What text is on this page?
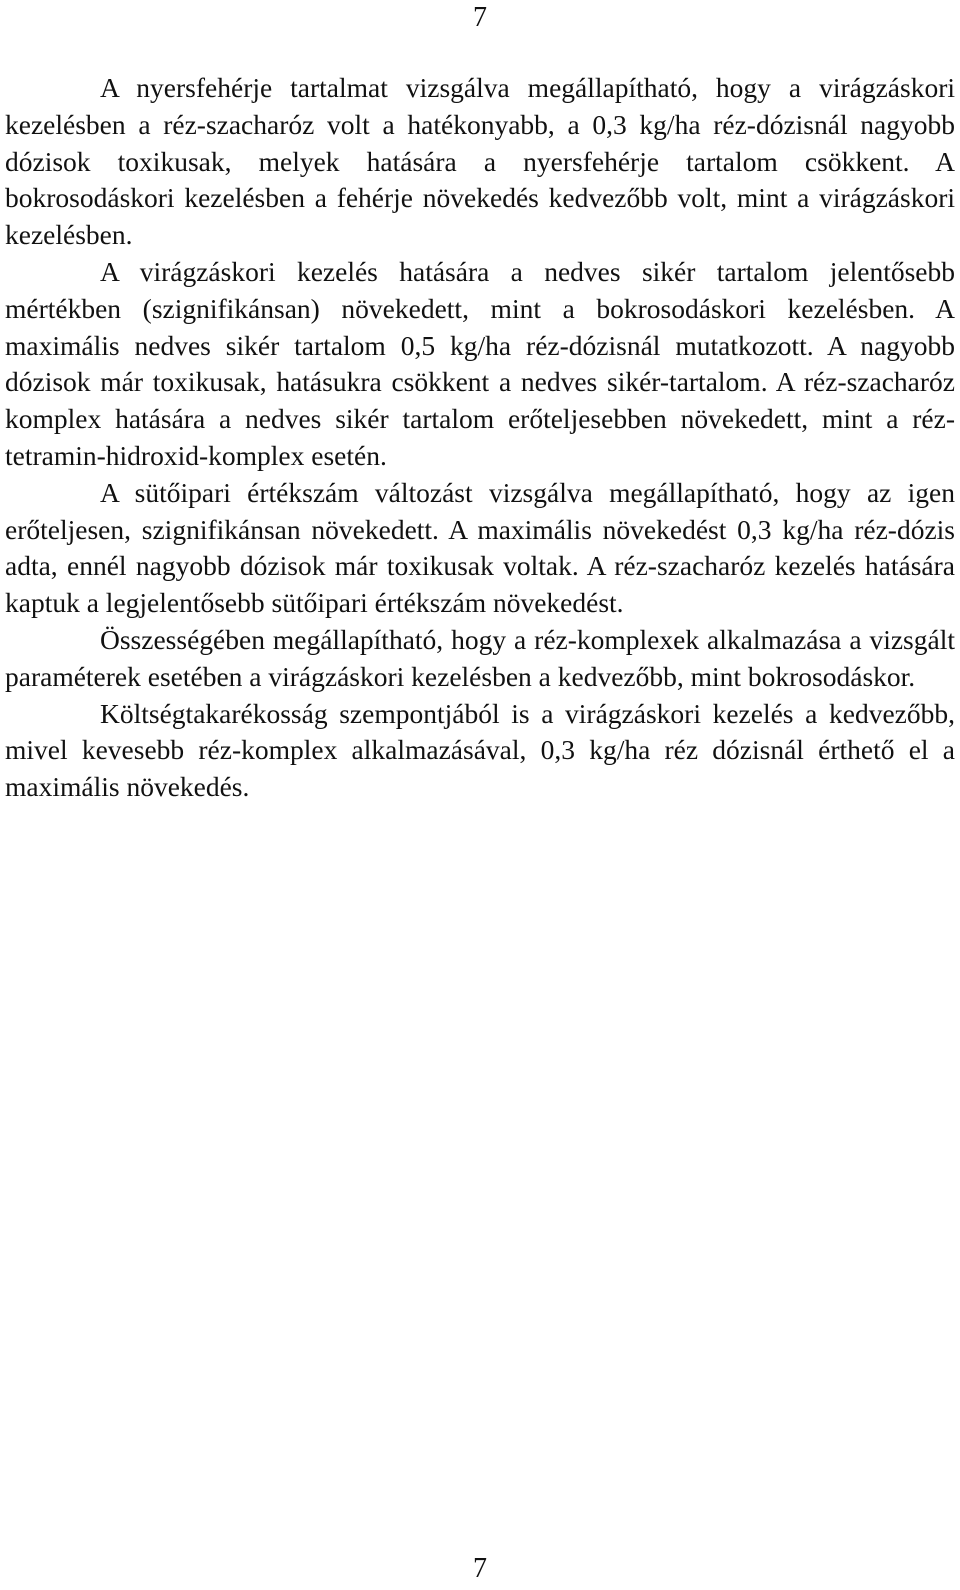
7

A nyersfehérje tartalmat vizsgálva megállapítható, hogy a virágzáskori kezelésben a réz-szacharóz volt a hatékonyabb, a 0,3 kg/ha réz-dózisnál nagyobb dózisok toxikusak, melyek hatására a nyersfehérje tartalom csökkent. A bokrosodáskori kezelésben a fehérje növekedés kedvezőbb volt, mint a virágzáskori kezelésben.

A virágzáskori kezelés hatására a nedves sikér tartalom jelentősebb mértékben (szignifikánsan) növekedett, mint a bokrosodáskori kezelésben. A maximális nedves sikér tartalom 0,5 kg/ha réz-dózisnál mutatkozott. A nagyobb dózisok már toxikusak, hatásukra csökkent a nedves sikér-tartalom. A réz-szacharóz komplex hatására a nedves sikér tartalom erőteljesebben növekedett, mint a réz-tetramin-hidroxid-komplex esetén.

A sütőipari értékszám változást vizsgálva megállapítható, hogy az igen erőteljesen, szignifikánsan növekedett. A maximális növekedést 0,3 kg/ha réz-dózis adta, ennél nagyobb dózisok már toxikusak voltak. A réz-szacharóz kezelés hatására kaptuk a legjelentősebb sütőipari értékszám növekedést.

Összességében megállapítható, hogy a réz-komplexek alkalmazása a vizsgált paraméterek esetében a virágzáskori kezelésben a kedvezőbb, mint bokrosodáskor.

Költségtakarékosság szempontjából is a virágzáskori kezelés a kedvezőbb, mivel kevesebb réz-komplex alkalmazásával, 0,3 kg/ha réz dózisnál érthető el a maximális növekedés.

7
